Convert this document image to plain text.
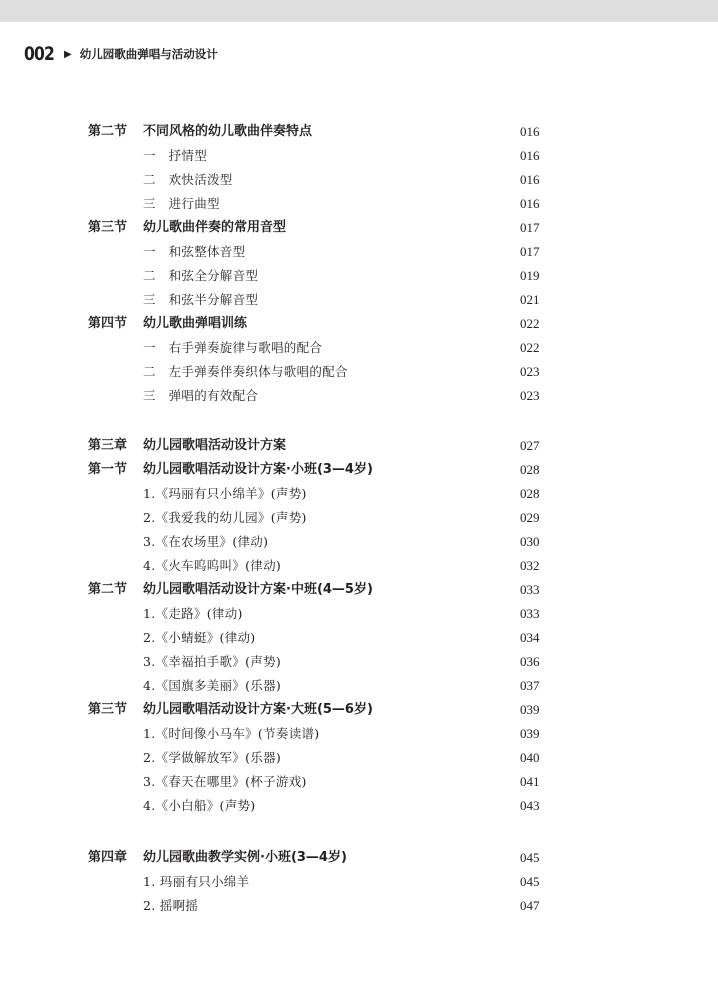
002 ▶ 幼儿园歌曲弹唱与活动设计
第二节 不同风格的幼儿歌曲伴奏特点	016
一　抒情型	016
二　欢快活泼型	016
三　进行曲型	016
第三节 幼儿歌曲伴奏的常用音型	017
一　和弦整体音型	017
二　和弦全分解音型	019
三　和弦半分解音型	021
第四节 幼儿歌曲弹唱训练	022
一　右手弹奏旋律与歌唱的配合	022
二　左手弹奏伴奏织体与歌唱的配合	023
三　弹唱的有效配合	023
第三章 幼儿园歌唱活动设计方案	027
第一节 幼儿园歌唱活动设计方案·小班(3—4岁)	028
1.《玛丽有只小绵羊》(声势)	028
2.《我爱我的幼儿园》(声势)	029
3.《在农场里》(律动)	030
4.《火车呜呜叫》(律动)	032
第二节 幼儿园歌唱活动设计方案·中班(4—5岁)	033
1.《走路》(律动)	033
2.《小蜻蜓》(律动)	034
3.《幸福拍手歌》(声势)	036
4.《国旗多美丽》(乐器)	037
第三节 幼儿园歌唱活动设计方案·大班(5—6岁)	039
1.《时间像小马车》(节奏读谱)	039
2.《学做解放军》(乐器)	040
3.《春天在哪里》(杯子游戏)	041
4.《小白船》(声势)	043
第四章 幼儿园歌曲教学实例·小班(3—4岁)	045
1. 玛丽有只小绵羊	045
2. 摇啊摇	047
